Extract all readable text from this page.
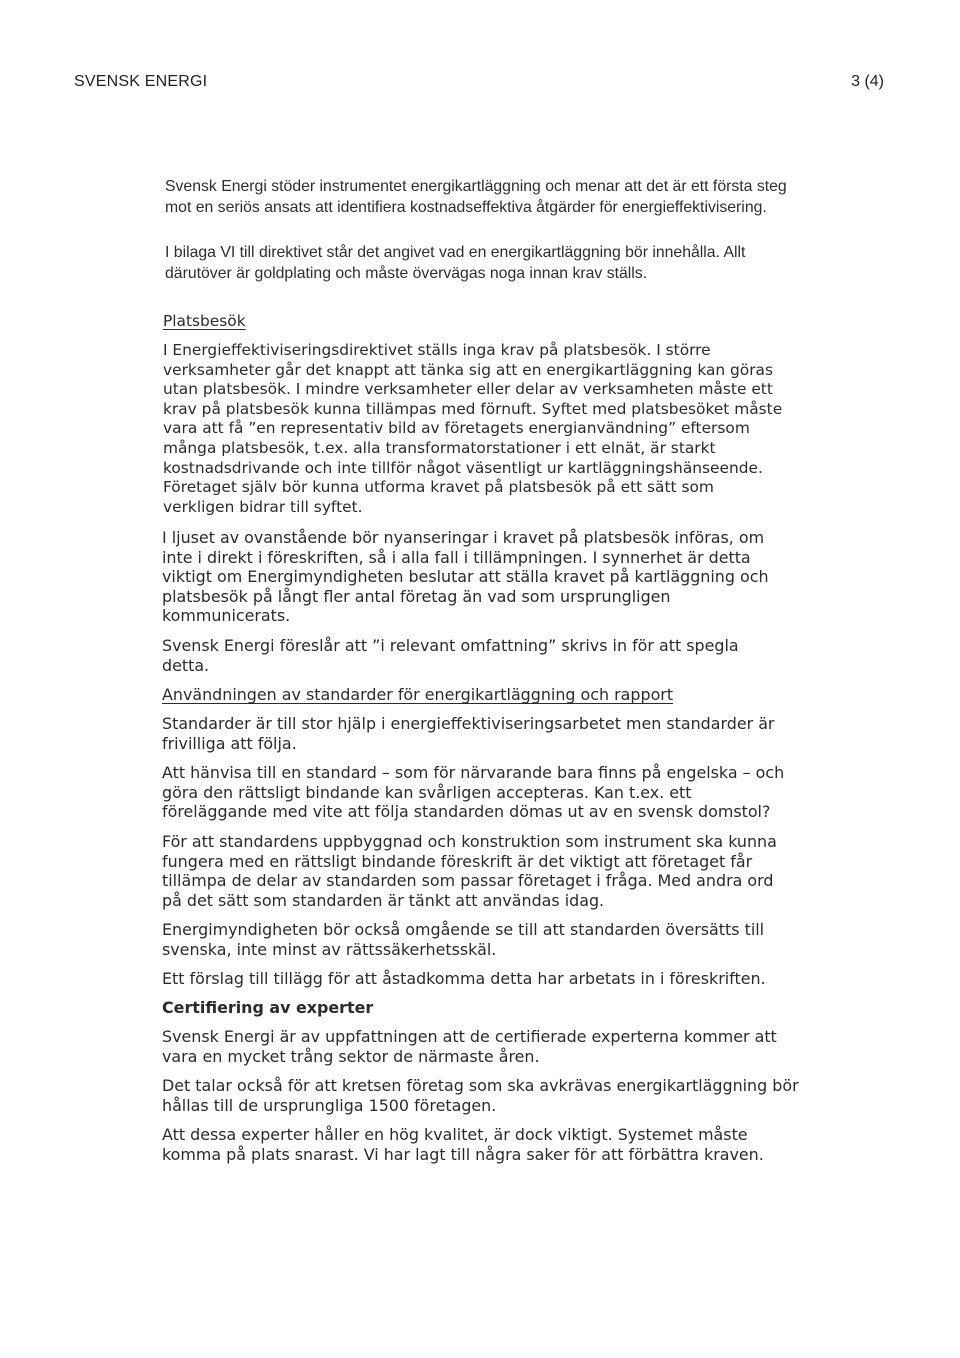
SVENSK ENERGI	3 (4)

Svensk Energi stöder instrumentet energikartläggning och menar att det är ett första steg mot en seriös ansats att identifiera kostnadseffektiva åtgärder för energieffektivisering.

I bilaga VI till direktivet står det angivet vad en energikartläggning bör innehålla. Allt därutöver är goldplating och måste övervägas noga innan krav ställs.

Platsbesök

I Energieffektiviseringsdirektivet ställs inga krav på platsbesök. I större verksamheter går det knappt att tänka sig att en energikartläggning kan göras utan platsbesök. I mindre verksamheter eller delar av verksamheten måste ett krav på platsbesök kunna tillämpas med förnuft. Syftet med platsbesöket måste vara att få ”en representativ bild av företagets energianvändning” eftersom många platsbesök, t.ex. alla transformatorstationer i ett elnät, är starkt kostnadsdrivande och inte tillför något väsentligt ur kartläggningshänseende. Företaget själv bör kunna utforma kravet på platsbesök på ett sätt som verkligen bidrar till syftet.

I ljuset av ovanstående bör nyanseringar i kravet på platsbesök införas, om inte i direkt i föreskriften, så i alla fall i tillämpningen. I synnerhet är detta viktigt om Energimyndigheten beslutar att ställa kravet på kartläggning och platsbesök på långt fler antal företag än vad som ursprungligen kommunicerats.

Svensk Energi föreslår att ”i relevant omfattning” skrivs in för att spegla detta.

Användningen av standarder för energikartläggning och rapport

Standarder är till stor hjälp i energieffektiviseringsarbetet men standarder är frivilliga att följa.

Att hänvisa till en standard – som för närvarande bara finns på engelska – och göra den rättsligt bindande kan svårligen accepteras. Kan t.ex. ett föreläggande med vite att följa standarden dömas ut av en svensk domstol?

För att standardens uppbyggnad och konstruktion som instrument ska kunna fungera med en rättsligt bindande föreskrift är det viktigt att företaget får tillämpa de delar av standarden som passar företaget i fråga. Med andra ord på det sätt som standarden är tänkt att användas idag.

Energimyndigheten bör också omgående se till att standarden översätts till svenska, inte minst av rättssäkerhetsskäl.

Ett förslag till tillägg för att åstadkomma detta har arbetats in i föreskriften.

Certifiering av experter

Svensk Energi är av uppfattningen att de certifierade experterna kommer att vara en mycket trång sektor de närmaste åren.

Det talar också för att kretsen företag som ska avkrävas energikartläggning bör hållas till de ursprungliga 1500 företagen.

Att dessa experter håller en hög kvalitet, är dock viktigt. Systemet måste komma på plats snarast. Vi har lagt till några saker för att förbättra kraven.
